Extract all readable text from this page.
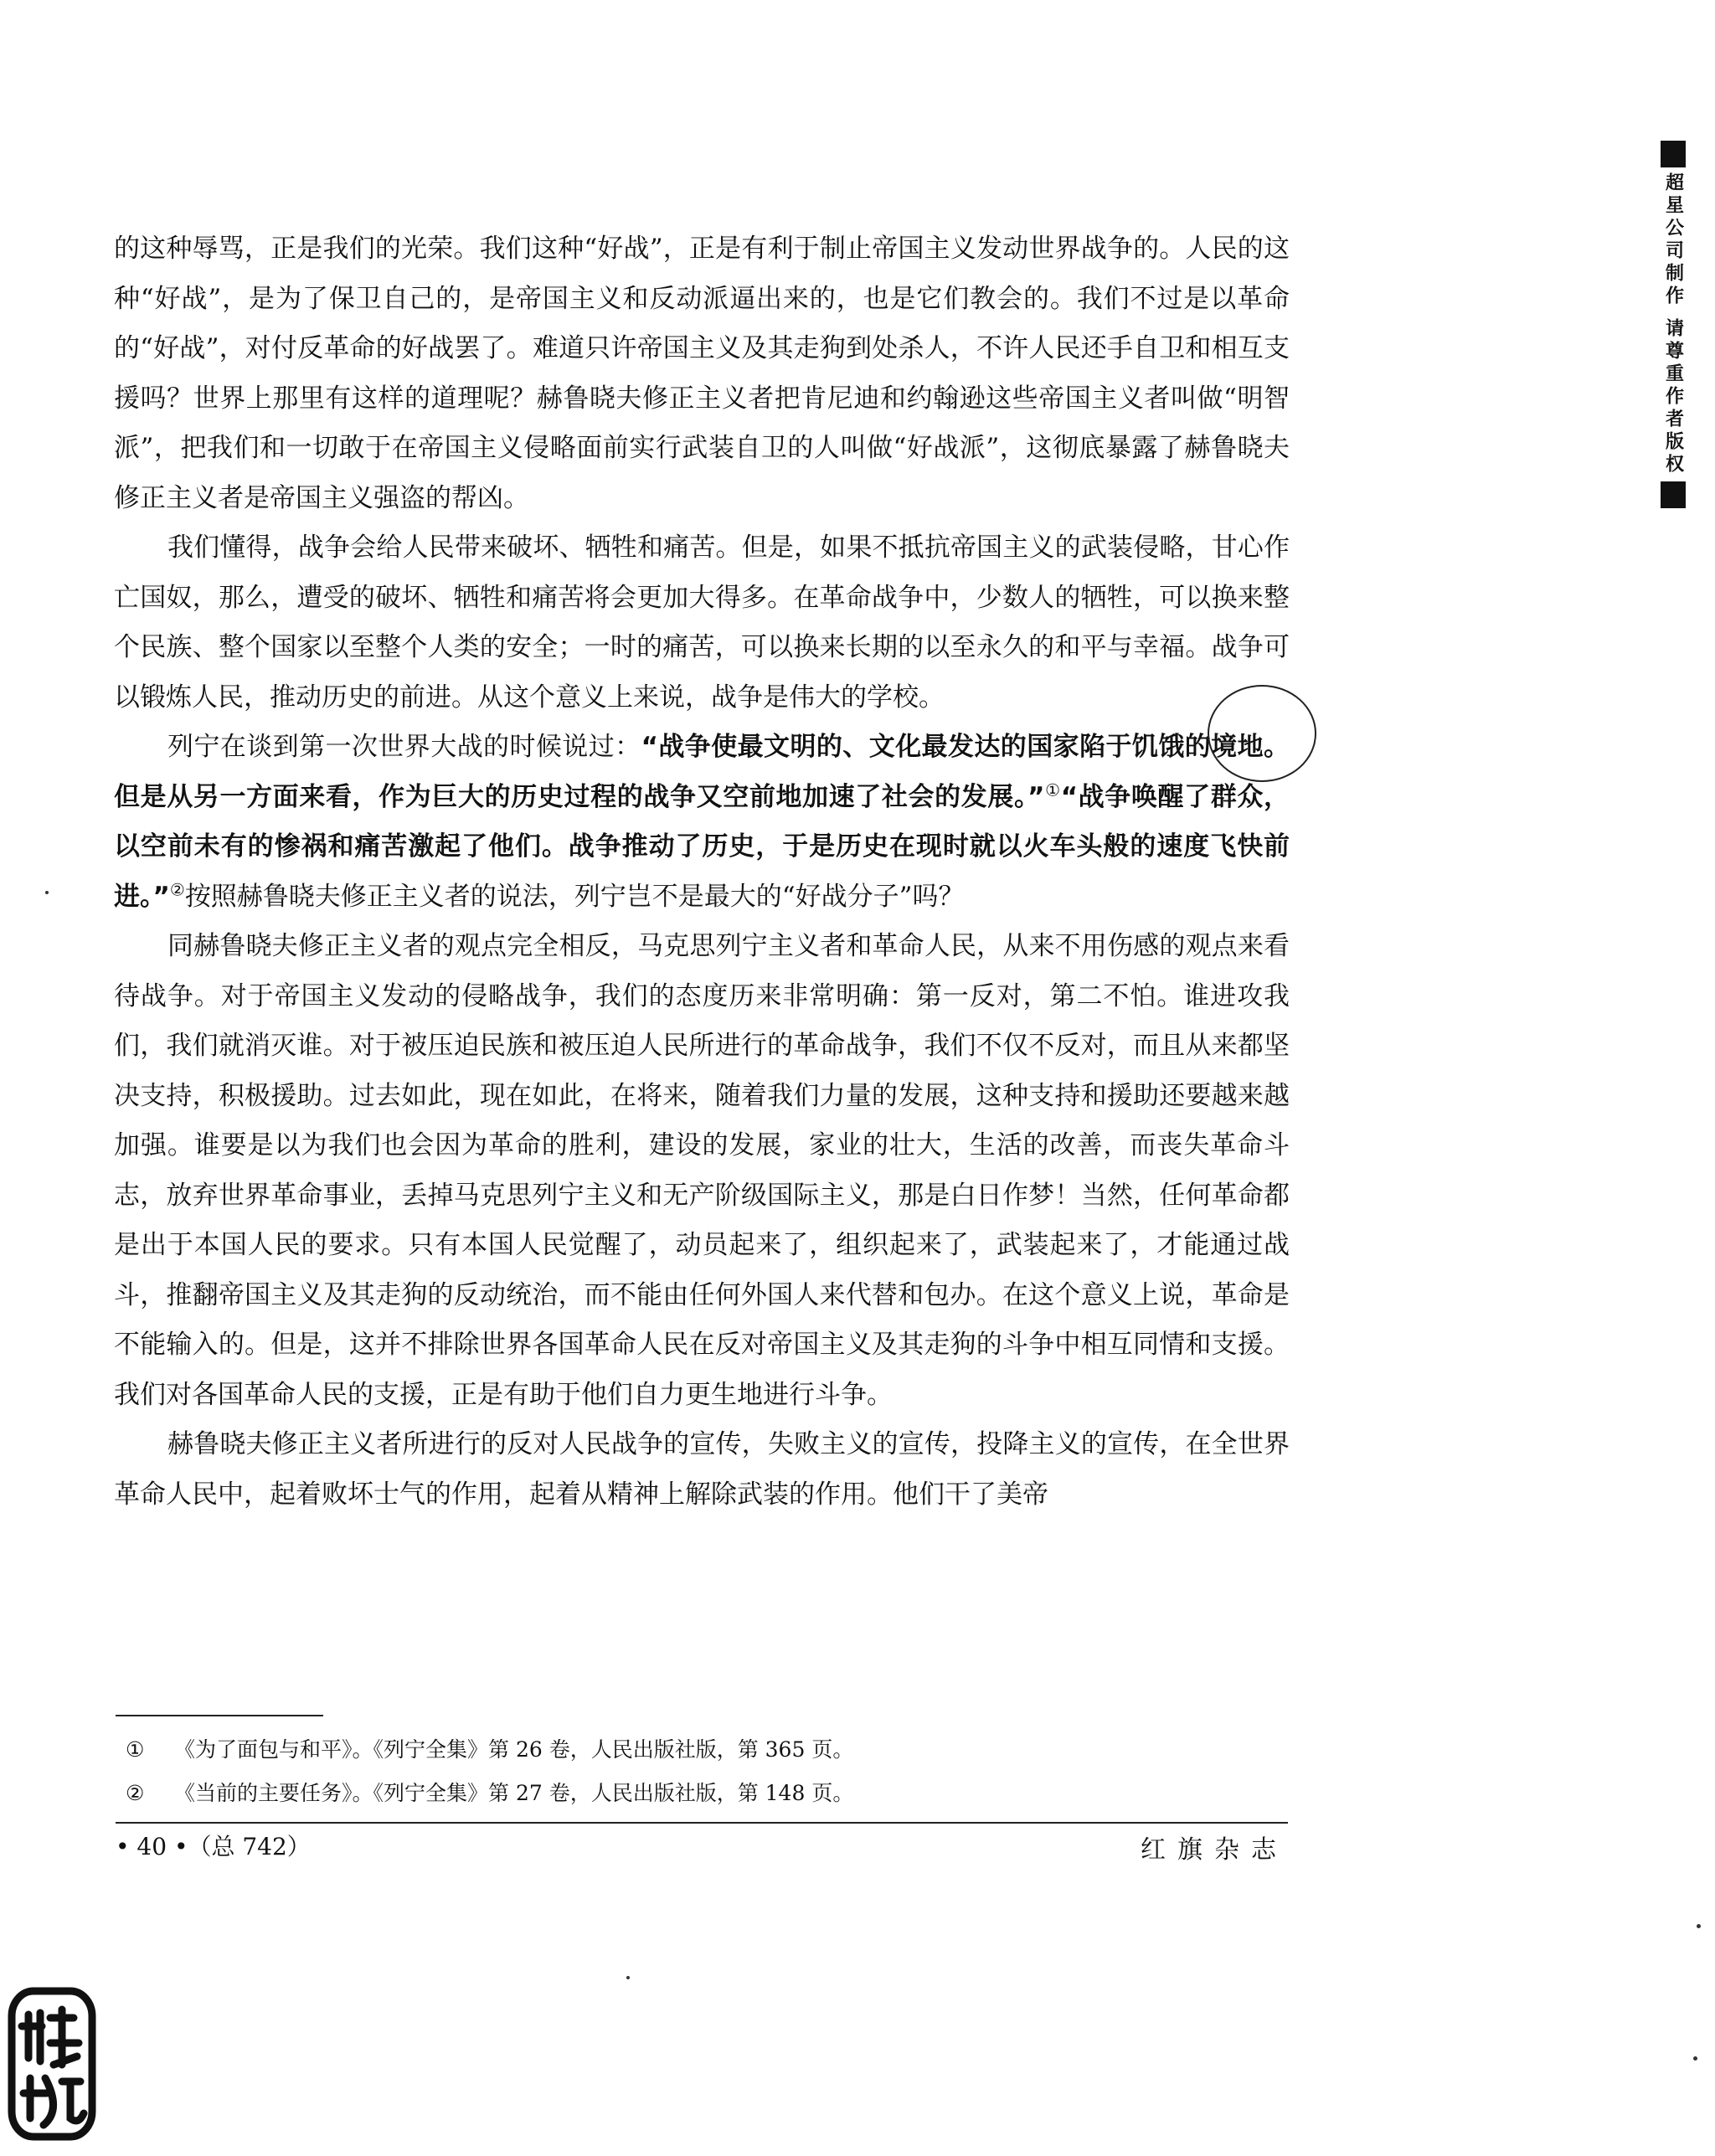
超星公司制作
请尊重作者版权

的这种辱骂，正是我们的光荣。我们这种“好战”，正是有利于制止帝国主义发动世界战争的。人民的这种“好战”，是为了保卫自己的，是帝国主义和反动派逼出来的，也是它们教会的。我们不过是以革命的“好战”，对付反革命的好战罢了。难道只许帝国主义及其走狗到处杀人，不许人民还手自卫和相互支援吗？世界上那里有这样的道理呢？赫鲁晓夫修正主义者把肯尼迪和约翰逊这些帝国主义者叫做“明智派”，把我们和一切敢于在帝国主义侵略面前实行武装自卫的人叫做“好战派”，这彻底暴露了赫鲁晓夫修正主义者是帝国主义强盗的帮凶。

我们懂得，战争会给人民带来破坏、牺牲和痛苦。但是，如果不抵抗帝国主义的武装侵略，甘心作亡国奴，那么，遭受的破坏、牺牲和痛苦将会更加大得多。在革命战争中，少数人的牺牲，可以换来整个民族、整个国家以至整个人类的安全；一时的痛苦，可以换来长期的以至永久的和平与幸福。战争可以锻炼人民，推动历史的前进。从这个意义上来说，战争是伟大的学校。

列宁在谈到第一次世界大战的时候说过：“战争使最文明的、文化最发达的国家陷于饥饿的境地。但是从另一方面来看，作为巨大的历史过程的战争又空前地加速了社会的发展。”①“战争唤醒了群众，以空前未有的惨祸和痛苦激起了他们。战争推动了历史，于是历史在现时就以火车头般的速度飞快前进。”②按照赫鲁晓夫修正主义者的说法，列宁岂不是最大的“好战分子”吗？

同赫鲁晓夫修正主义者的观点完全相反，马克思列宁主义者和革命人民，从来不用伤感的观点来看待战争。对于帝国主义发动的侵略战争，我们的态度历来非常明确：第一反对，第二不怕。谁进攻我们，我们就消灭谁。对于被压迫民族和被压迫人民所进行的革命战争，我们不仅不反对，而且从来都坚决支持，积极援助。过去如此，现在如此，在将来，随着我们力量的发展，这种支持和援助还要越来越加强。谁要是以为我们也会因为革命的胜利，建设的发展，家业的壮大，生活的改善，而丧失革命斗志，放弃世界革命事业，丢掉马克思列宁主义和无产阶级国际主义，那是白日作梦！当然，任何革命都是出于本国人民的要求。只有本国人民觉醒了，动员起来了，组织起来了，武装起来了，才能通过战斗，推翻帝国主义及其走狗的反动统治，而不能由任何外国人来代替和包办。在这个意义上说，革命是不能输入的。但是，这并不排除世界各国革命人民在反对帝国主义及其走狗的斗争中相互同情和支援。我们对各国革命人民的支援，正是有助于他们自力更生地进行斗争。

赫鲁晓夫修正主义者所进行的反对人民战争的宣传，失败主义的宣传，投降主义的宣传，在全世界革命人民中，起着败坏士气的作用，起着从精神上解除武装的作用。他们干了美帝

① 《为了面包与和平》。《列宁全集》第 26 卷，人民出版社版，第 365 页。
② 《当前的主要任务》。《列宁全集》第 27 卷，人民出版社版，第 148 页。
• 40 •（总 742）	红旗杂志
